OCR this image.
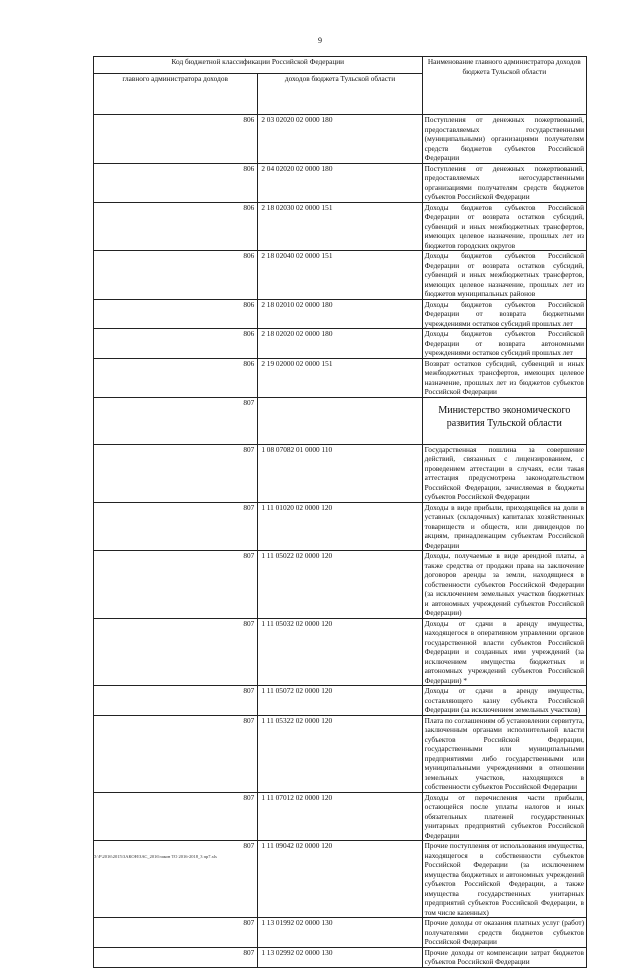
9
Код бюджетной классификации Российской Федерации		Наименование главного администратора доходов бюджета Тульской области
главного администратора доходов	доходов бюджета Тульской области	
806	2 03 02020 02 0000 180	Поступления от денежных пожертвований, предоставляемых государственными (муниципальными) организациями получателям средств бюджетов субъектов Российской Федерации
806	2 04 02020 02 0000 180	Поступления от денежных пожертвований, предоставляемых негосударственными организациями получателям средств бюджетов субъектов Российской Федерации
806	2 18 02030 02 0000 151	Доходы бюджетов субъектов Российской Федерации от возврата остатков субсидий, субвенций и иных межбюджетных трансфертов, имеющих целевое назначение, прошлых лет из бюджетов городских округов
806	2 18 02040 02 0000 151	Доходы бюджетов субъектов Российской Федерации от возврата остатков субсидий, субвенций и иных межбюджетных трансфертов, имеющих целевое назначение, прошлых лет из бюджетов муниципальных районов
806	2 18 02010 02 0000 180	Доходы бюджетов субъектов Российской Федерации от возврата бюджетными учреждениями остатков субсидий прошлых лет
806	2 18 02020 02 0000 180	Доходы бюджетов субъектов Российской Федерации от возврата автономными учреждениями остатков субсидий прошлых лет
806	2 19 02000 02 0000 151	Возврат остатков субсидий, субвенций и иных межбюджетных трансфертов, имеющих целевое назначение, прошлых лет из бюджетов субъектов Российской Федерации
807		Министерство экономического развития Тульской области
807	1 08 07082 01 0000 110	Государственная пошлина за совершение действий, связанных с лицензированием, с проведением аттестации в случаях, если такая аттестация предусмотрена законодательством Российской Федерации, зачисляемая в бюджеты субъектов Российской Федерации
807	1 11 01020 02 0000 120	Доходы в виде прибыли, приходящейся на доли в уставных (складочных) капиталах хозяйственных товариществ и обществ, или дивидендов по акциям, принадлежащим субъектам Российской Федерации
807	1 11 05022 02 0000 120	Доходы, получаемые в виде арендной платы, а также средства от продажи права на заключение договоров аренды за земли, находящиеся в собственности субъектов Российской Федерации (за исключением земельных участков бюджетных и автономных учреждений субъектов Российской Федерации)
807	1 11 05032 02 0000 120	Доходы от сдачи в аренду имущества, находящегося в оперативном управлении органов государственной власти субъектов Российской Федерации и созданных ими учреждений (за исключением имущества бюджетных и автономных учреждений субъектов Российской Федерации) *
807	1 11 05072 02 0000 120	Доходы от сдачи в аренду имущества, составляющего казну субъекта Российской Федерации (за исключением земельных участков)
807	1 11 05322 02 0000 120	Плата по соглашениям об установлении сервитута, заключенным органами исполнительной власти субъектов Российской Федерации, государственными или муниципальными предприятиями либо государственными или муниципальными учреждениями в отношении земельных участков, находящихся в собственности субъектов Российской Федерации
807	1 11 07012 02 0000 120	Доходы от перечисления части прибыли, остающейся после уплаты налогов и иных обязательных платежей государственных унитарных предприятий субъектов Российской Федерации
807	1 11 09042 02 0000 120	Прочие поступления от использования имущества, находящегося в собственности субъектов Российской Федерации (за исключением имущества бюджетных и автономных учреждений субъектов Российской Федерации, а также имущества государственных унитарных предприятий субъектов Российской Федерации, в том числе казенных)
807	1 13 01992 02 0000 130	Прочие доходы от оказания платных услуг (работ) получателями средств бюджетов субъектов Российской Федерации
807	1 13 02992 02 0000 130	Прочие доходы от компенсации затрат бюджетов субъектов Российской Федерации
D:\F\2016\2015\3АКОН\ЗАС_2016\закон ТО 2016-2018_3 пр7.xls
